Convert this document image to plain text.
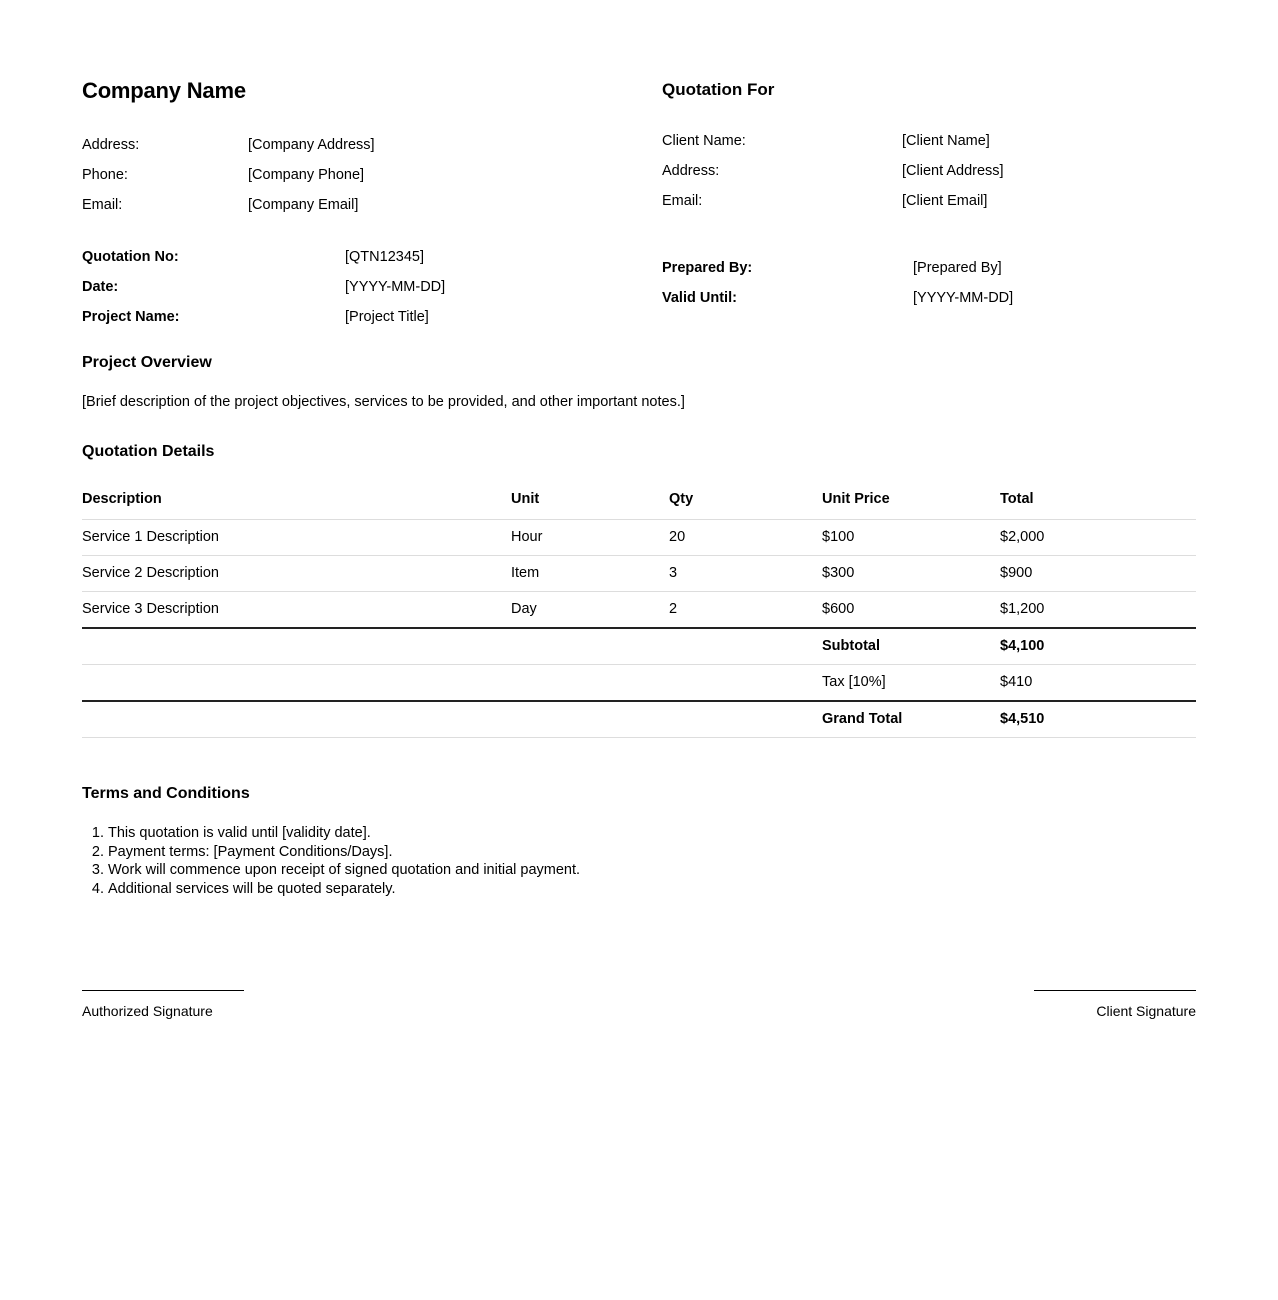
Company Name
Address:	[Company Address]
Phone:	[Company Phone]
Email:	[Company Email]
Quotation No:	[QTN12345]
Date:	[YYYY-MM-DD]
Project Name:	[Project Title]
Quotation For
Client Name:	[Client Name]
Address:	[Client Address]
Email:	[Client Email]
Prepared By:	[Prepared By]
Valid Until:	[YYYY-MM-DD]
Project Overview

[Brief description of the project objectives, services to be provided, and other important notes.]

Quotation Details
Description	Unit	Qty	Unit Price	Total
Service 1 Description	Hour	20	$100	$2,000
Service 2 Description	Item	3	$300	$900
Service 3 Description	Day	2	$600	$1,200
			Subtotal	$4,100
			Tax [10%]	$410
			Grand Total	$4,510
Terms and Conditions
1. This quotation is valid until [validity date].
2. Payment terms: [Payment Conditions/Days].
3. Work will commence upon receipt of signed quotation and initial payment.
4. Additional services will be quoted separately.
Authorized Signature	Client Signature
